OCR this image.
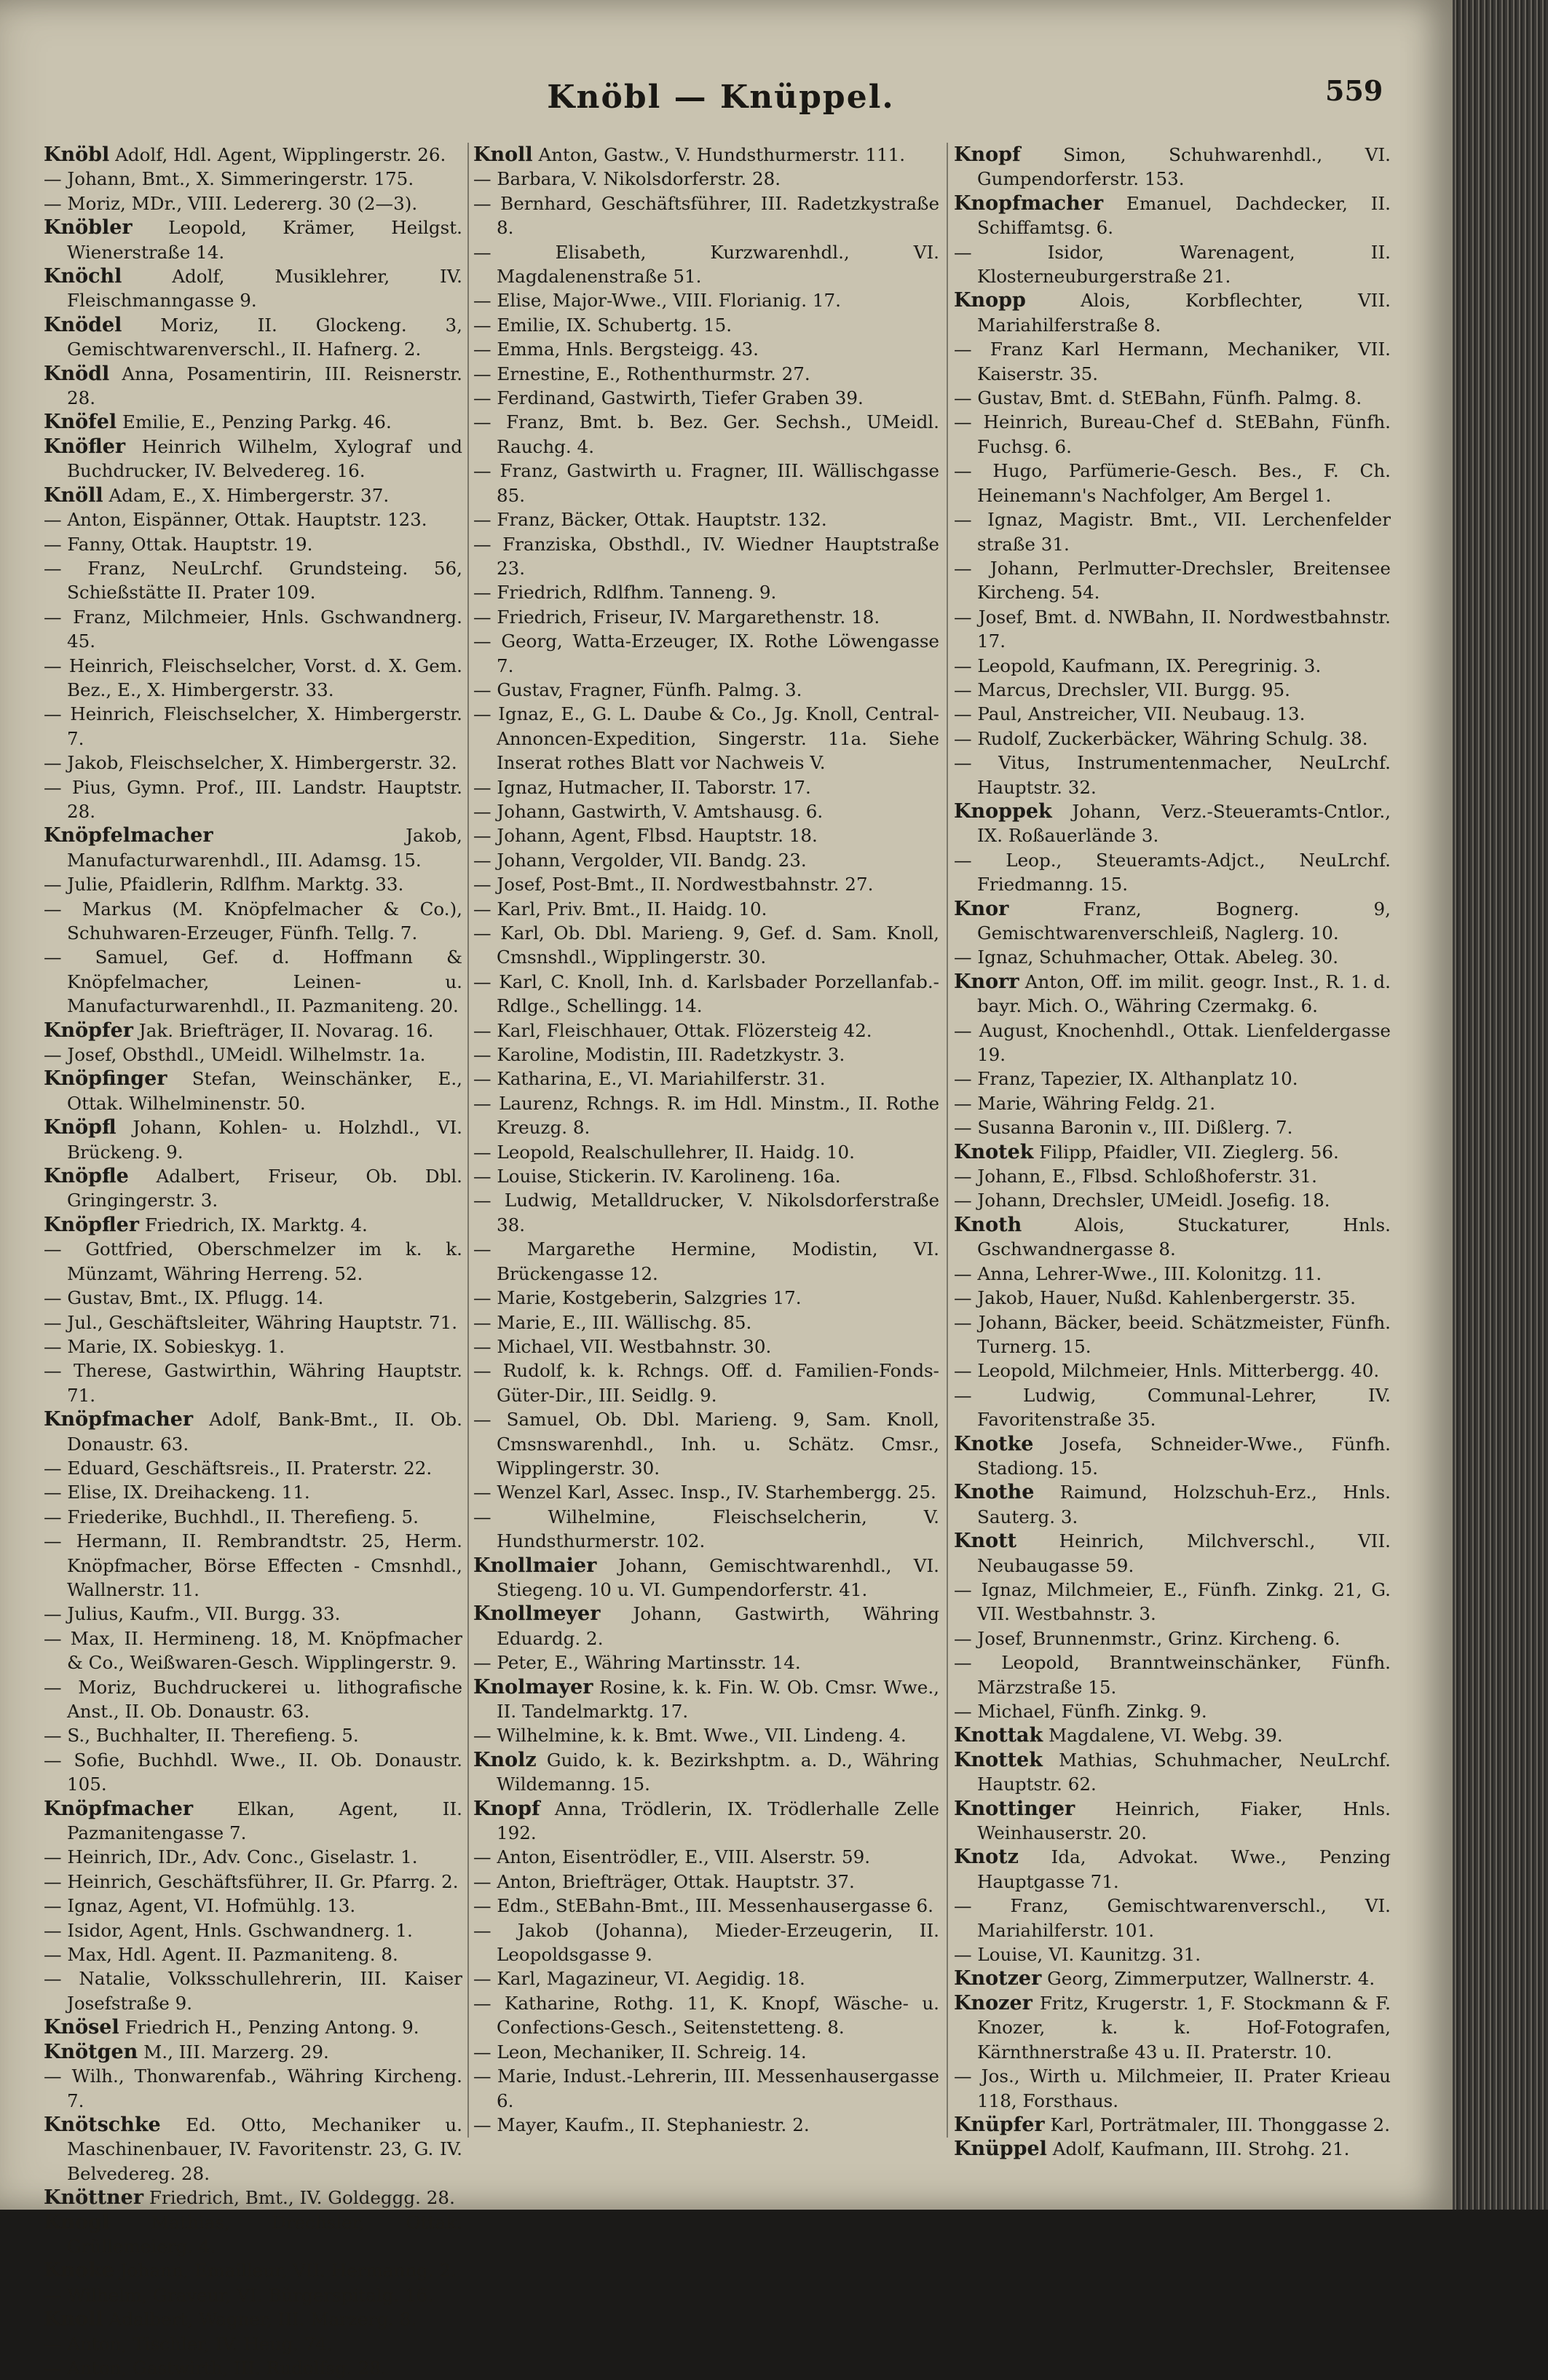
Knöbl — Knüppel.	559

Knöbl Adolf, Hdl. Agent, Wipplingerstr. 26.

— Johann, Bmt., X. Simmeringerstr. 175.

— Moriz, MDr., VIII. Ledererg. 30 (2—3).

Knöbler Leopold, Krämer, Heilgst. Wienerstraße 14.

Knöchl Adolf, Musiklehrer, IV. Fleischmanngasse 9.

Knödel Moriz, II. Glockeng. 3, Gemischtwarenverschl., II. Hafnerg. 2.

Knödl Anna, Posamentirin, III. Reisnerstr. 28.

Knöfel Emilie, E., Penzing Parkg. 46.

Knöfler Heinrich Wilhelm, Xylograf und Buchdrucker, IV. Belvedereg. 16.

Knöll Adam, E., X. Himbergerstr. 37.

— Anton, Eispänner, Ottak. Hauptstr. 123.

— Fanny, Ottak. Hauptstr. 19.

— Franz, NeuLrchf. Grundsteing. 56, Schießstätte II. Prater 109.

— Franz, Milchmeier, Hnls. Gschwandnerg. 45.

— Heinrich, Fleischselcher, Vorst. d. X. Gem. Bez., E., X. Himbergerstr. 33.

— Heinrich, Fleischselcher, X. Himbergerstr. 7.

— Jakob, Fleischselcher, X. Himbergerstr. 32.

— Pius, Gymn. Prof., III. Landstr. Hauptstr. 28.

Knöpfelmacher Jakob, Manufacturwarenhdl., III. Adamsg. 15.

— Julie, Pfaidlerin, Rdlfhm. Marktg. 33.

— Markus (M. Knöpfelmacher & Co.), Schuhwaren-Erzeuger, Fünfh. Tellg. 7.

— Samuel, Gef. d. Hoffmann & Knöpfelmacher, Leinen- u. Manufacturwarenhdl., II. Pazmaniteng. 20.

Knöpfer Jak. Briefträger, II. Novarag. 16.

— Josef, Obsthdl., UMeidl. Wilhelmstr. 1a.

Knöpfinger Stefan, Weinschänker, E., Ottak. Wilhelminenstr. 50.

Knöpfl Johann, Kohlen- u. Holzhdl., VI. Brückeng. 9.

Knöpfle Adalbert, Friseur, Ob. Dbl. Gringingerstr. 3.

Knöpfler Friedrich, IX. Marktg. 4.

— Gottfried, Oberschmelzer im k. k. Münzamt, Währing Herreng. 52.

— Gustav, Bmt., IX. Pflugg. 14.

— Jul., Geschäftsleiter, Währing Hauptstr. 71.

— Marie, IX. Sobieskyg. 1.

— Therese, Gastwirthin, Währing Hauptstr. 71.

Knöpfmacher Adolf, Bank-Bmt., II. Ob. Donaustr. 63.

— Eduard, Geschäftsreis., II. Praterstr. 22.

— Elise, IX. Dreihackeng. 11.

— Friederike, Buchhdl., II. Therefieng. 5.

— Hermann, II. Rembrandtstr. 25, Herm. Knöpfmacher, Börse Effecten - Cmsnhdl., Wallnerstr. 11.

— Julius, Kaufm., VII. Burgg. 33.

— Max, II. Hermineng. 18, M. Knöpfmacher & Co., Weißwaren-Gesch. Wipplingerstr. 9.

— Moriz, Buchdruckerei u. lithografische Anst., II. Ob. Donaustr. 63.

— S., Buchhalter, II. Therefieng. 5.

— Sofie, Buchhdl. Wwe., II. Ob. Donaustr. 105.

Knöpfmacher Elkan, Agent, II. Pazmanitengasse 7.

— Heinrich, IDr., Adv. Conc., Giselastr. 1.

— Heinrich, Geschäftsführer, II. Gr. Pfarrg. 2.

— Ignaz, Agent, VI. Hofmühlg. 13.

— Isidor, Agent, Hnls. Gschwandnerg. 1.

— Max, Hdl. Agent. II. Pazmaniteng. 8.

— Natalie, Volksschullehrerin, III. Kaiser Josefstraße 9.

Knösel Friedrich H., Penzing Antong. 9.

Knötgen M., III. Marzerg. 29.

— Wilh., Thonwarenfab., Währing Kircheng. 7.

Knötschke Ed. Otto, Mechaniker u. Maschinenbauer, IV. Favoritenstr. 23, G. IV. Belvedereg. 28.

Knöttner Friedrich, Bmt., IV. Goldeggg. 28.

Knogl Mathias, Drechsler, Ottak. Grüllemeierg. 4.

Knoke Johann, Emailleur, VII. Hermanng. 2.

— Wilhelm, Graveur, VI. Bürgerspitalg. 16.

Knoll Adalbert, Wagner, III. Marzerg. 8.

— Anton, Tischler, IV. Heug. 74.

— Anton, Gastwirth, III. Rudolfsg. 28.

Knoll Anton, Gastw., V. Hundsthurmerstr. 111.

— Barbara, V. Nikolsdorferstr. 28.

— Bernhard, Geschäftsführer, III. Radetzkystraße 8.

— Elisabeth, Kurzwarenhdl., VI. Magdalenenstraße 51.

— Elise, Major-Wwe., VIII. Florianig. 17.

— Emilie, IX. Schubertg. 15.

— Emma, Hnls. Bergsteigg. 43.

— Ernestine, E., Rothenthurmstr. 27.

— Ferdinand, Gastwirth, Tiefer Graben 39.

— Franz, Bmt. b. Bez. Ger. Sechsh., UMeidl. Rauchg. 4.

— Franz, Gastwirth u. Fragner, III. Wällischgasse 85.

— Franz, Bäcker, Ottak. Hauptstr. 132.

— Franziska, Obsthdl., IV. Wiedner Hauptstraße 23.

— Friedrich, Rdlfhm. Tanneng. 9.

— Friedrich, Friseur, IV. Margarethenstr. 18.

— Georg, Watta-Erzeuger, IX. Rothe Löwengasse 7.

— Gustav, Fragner, Fünfh. Palmg. 3.

— Ignaz, E., G. L. Daube & Co., Jg. Knoll, Central-Annoncen-Expedition, Singerstr. 11a. Siehe Inserat rothes Blatt vor Nachweis V.

— Ignaz, Hutmacher, II. Taborstr. 17.

— Johann, Gastwirth, V. Amtshausg. 6.

— Johann, Agent, Flbsd. Hauptstr. 18.

— Johann, Vergolder, VII. Bandg. 23.

— Josef, Post-Bmt., II. Nordwestbahnstr. 27.

— Karl, Priv. Bmt., II. Haidg. 10.

— Karl, Ob. Dbl. Marieng. 9, Gef. d. Sam. Knoll, Cmsnshdl., Wipplingerstr. 30.

— Karl, C. Knoll, Inh. d. Karlsbader Porzellanfab.-Rdlge., Schellingg. 14.

— Karl, Fleischhauer, Ottak. Flözersteig 42.

— Karoline, Modistin, III. Radetzkystr. 3.

— Katharina, E., VI. Mariahilferstr. 31.

— Laurenz, Rchngs. R. im Hdl. Minstm., II. Rothe Kreuzg. 8.

— Leopold, Realschullehrer, II. Haidg. 10.

— Louise, Stickerin. IV. Karolineng. 16a.

— Ludwig, Metalldrucker, V. Nikolsdorferstraße 38.

— Margarethe Hermine, Modistin, VI. Brückengasse 12.

— Marie, Kostgeberin, Salzgries 17.

— Marie, E., III. Wällischg. 85.

— Michael, VII. Westbahnstr. 30.

— Rudolf, k. k. Rchngs. Off. d. Familien-Fonds-Güter-Dir., III. Seidlg. 9.

— Samuel, Ob. Dbl. Marieng. 9, Sam. Knoll, Cmsnswarenhdl., Inh. u. Schätz. Cmsr., Wipplingerstr. 30.

— Wenzel Karl, Assec. Insp., IV. Starhembergg. 25.

— Wilhelmine, Fleischselcherin, V. Hundsthurmerstr. 102.

Knollmaier Johann, Gemischtwarenhdl., VI. Stiegeng. 10 u. VI. Gumpendorferstr. 41.

Knollmeyer Johann, Gastwirth, Währing Eduardg. 2.

— Peter, E., Währing Martinsstr. 14.

Knolmayer Rosine, k. k. Fin. W. Ob. Cmsr. Wwe., II. Tandelmarktg. 17.

— Wilhelmine, k. k. Bmt. Wwe., VII. Lindeng. 4.

Knolz Guido, k. k. Bezirkshptm. a. D., Währing Wildemanng. 15.

Knopf Anna, Trödlerin, IX. Trödlerhalle Zelle 192.

— Anton, Eisentrödler, E., VIII. Alserstr. 59.

— Anton, Briefträger, Ottak. Hauptstr. 37.

— Edm., StEBahn-Bmt., III. Messenhausergasse 6.

— Jakob (Johanna), Mieder-Erzeugerin, II. Leopoldsgasse 9.

— Karl, Magazineur, VI. Aegidig. 18.

— Katharine, Rothg. 11, K. Knopf, Wäsche- u. Confections-Gesch., Seitenstetteng. 8.

— Leon, Mechaniker, II. Schreig. 14.

— Marie, Indust.-Lehrerin, III. Messenhausergasse 6.

— Mayer, Kaufm., II. Stephaniestr. 2.

Knopf Simon, Schuhwarenhdl., VI. Gumpendorferstr. 153.

Knopfmacher Emanuel, Dachdecker, II. Schiffamtsg. 6.

— Isidor, Warenagent, II. Klosterneuburgerstraße 21.

Knopp Alois, Korbflechter, VII. Mariahilferstraße 8.

— Franz Karl Hermann, Mechaniker, VII. Kaiserstr. 35.

— Gustav, Bmt. d. StEBahn, Fünfh. Palmg. 8.

— Heinrich, Bureau-Chef d. StEBahn, Fünfh. Fuchsg. 6.

— Hugo, Parfümerie-Gesch. Bes., F. Ch. Heinemann's Nachfolger, Am Bergel 1.

— Ignaz, Magistr. Bmt., VII. Lerchenfelder straße 31.

— Johann, Perlmutter-Drechsler, Breitensee Kircheng. 54.

— Josef, Bmt. d. NWBahn, II. Nordwestbahnstr. 17.

— Leopold, Kaufmann, IX. Peregrinig. 3.

— Marcus, Drechsler, VII. Burgg. 95.

— Paul, Anstreicher, VII. Neubaug. 13.

— Rudolf, Zuckerbäcker, Währing Schulg. 38.

— Vitus, Instrumentenmacher, NeuLrchf. Hauptstr. 32.

Knoppek Johann, Verz.-Steueramts-Cntlor., IX. Roßauerlände 3.

— Leop., Steueramts-Adjct., NeuLrchf. Friedmanng. 15.

Knor Franz, Bognerg. 9, Gemischtwarenverschleiß, Naglerg. 10.

— Ignaz, Schuhmacher, Ottak. Abeleg. 30.

Knorr Anton, Off. im milit. geogr. Inst., R. 1. d. bayr. Mich. O., Währing Czermakg. 6.

— August, Knochenhdl., Ottak. Lienfeldergasse 19.

— Franz, Tapezier, IX. Althanplatz 10.

— Marie, Währing Feldg. 21.

— Susanna Baronin v., III. Dißlerg. 7.

Knotek Filipp, Pfaidler, VII. Zieglerg. 56.

— Johann, E., Flbsd. Schloßhoferstr. 31.

— Johann, Drechsler, UMeidl. Josefig. 18.

Knoth Alois, Stuckaturer, Hnls. Gschwandnergasse 8.

— Anna, Lehrer-Wwe., III. Kolonitzg. 11.

— Jakob, Hauer, Nußd. Kahlenbergerstr. 35.

— Johann, Bäcker, beeid. Schätzmeister, Fünfh. Turnerg. 15.

— Leopold, Milchmeier, Hnls. Mitterbergg. 40.

— Ludwig, Communal-Lehrer, IV. Favoritenstraße 35.

Knotke Josefa, Schneider-Wwe., Fünfh. Stadiong. 15.

Knothe Raimund, Holzschuh-Erz., Hnls. Sauterg. 3.

Knott Heinrich, Milchverschl., VII. Neubaugasse 59.

— Ignaz, Milchmeier, E., Fünfh. Zinkg. 21, G. VII. Westbahnstr. 3.

— Josef, Brunnenmstr., Grinz. Kircheng. 6.

— Leopold, Branntweinschänker, Fünfh. Märzstraße 15.

— Michael, Fünfh. Zinkg. 9.

Knottak Magdalene, VI. Webg. 39.

Knottek Mathias, Schuhmacher, NeuLrchf. Hauptstr. 62.

Knottinger Heinrich, Fiaker, Hnls. Weinhauserstr. 20.

Knotz Ida, Advokat. Wwe., Penzing Hauptgasse 71.

— Franz, Gemischtwarenverschl., VI. Mariahilferstr. 101.

— Louise, VI. Kaunitzg. 31.

Knotzer Georg, Zimmerputzer, Wallnerstr. 4.

Knozer Fritz, Krugerstr. 1, F. Stockmann & F. Knozer, k. k. Hof-Fotografen, Kärnthnerstraße 43 u. II. Praterstr. 10.

— Jos., Wirth u. Milchmeier, II. Prater Krieau 118, Forsthaus.

Knüpfer Karl, Porträtmaler, III. Thonggasse 2.

Knüppel Adolf, Kaufmann, III. Strohg. 21.
